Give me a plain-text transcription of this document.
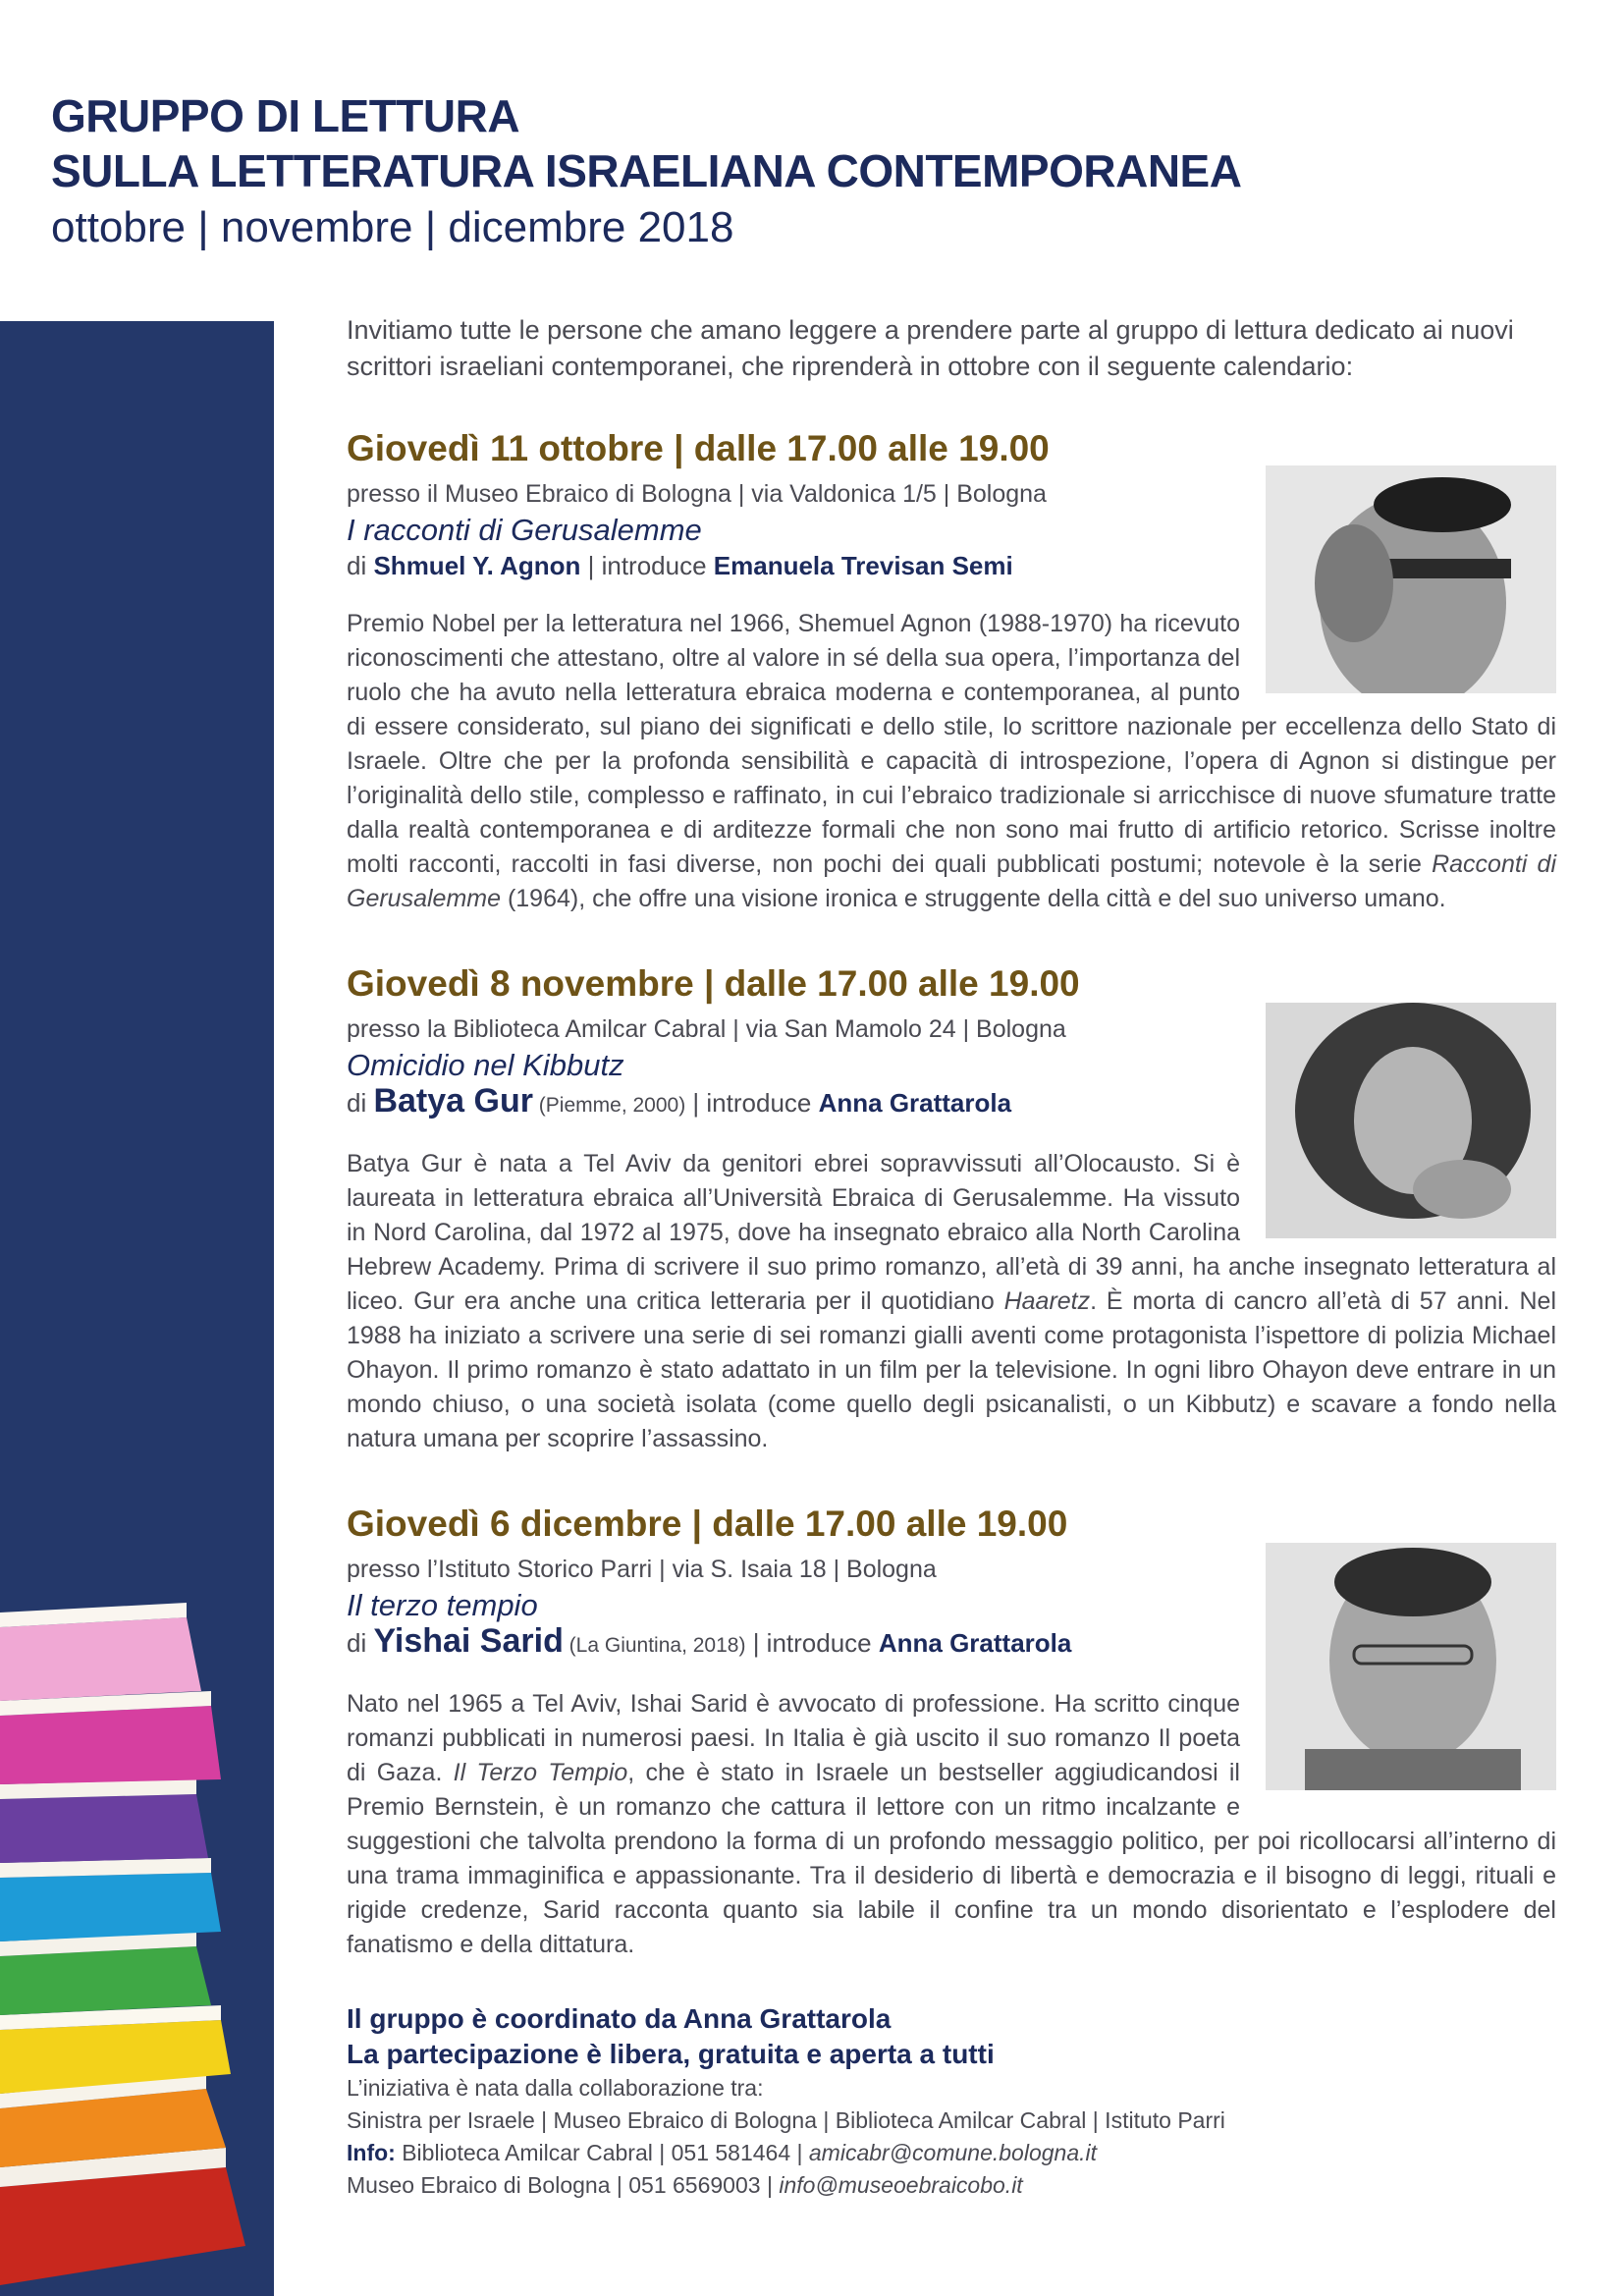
GRUPPO DI LETTURA

SULLA LETTERATURA ISRAELIANA CONTEMPORANEA

ottobre | novembre | dicembre 2018

Invitiamo tutte le persone che amano leggere a prendere parte al gruppo di lettura dedicato ai nuovi scrittori israeliani contemporanei, che riprenderà in ottobre con il seguente calendario:

Giovedì 11 ottobre | dalle 17.00 alle 19.00

presso il Museo Ebraico di Bologna | via Valdonica 1/5 | Bologna

I racconti di Gerusalemme

di Shmuel Y. Agnon | introduce Emanuela Trevisan Semi

Premio Nobel per la letteratura nel 1966, Shemuel Agnon (1988-1970) ha ricevuto riconoscimenti che attestano, oltre al valore in sé della sua opera, l’importanza del ruolo che ha avuto nella letteratura ebraica moderna e contemporanea, al punto di essere considerato, sul piano dei significati e dello stile, lo scrittore nazionale per eccellenza dello Stato di Israele. Oltre che per la profonda sensibilità e capacità di introspezione, l’opera di Agnon si distingue per l’originalità dello stile, complesso e raffinato, in cui l’ebraico tradizionale si arricchisce di nuove sfumature tratte dalla realtà contemporanea e di arditezze formali che non sono mai frutto di artificio retorico. Scrisse inoltre molti racconti, raccolti in fasi diverse, non pochi dei quali pubblicati postumi; notevole è la serie Racconti di Gerusalemme (1964), che offre una visione ironica e struggente della città e del suo universo umano.

Giovedì 8 novembre | dalle 17.00 alle 19.00

presso la Biblioteca Amilcar Cabral | via San Mamolo 24 | Bologna

Omicidio nel Kibbutz

di Batya Gur (Piemme, 2000) | introduce Anna Grattarola

Batya Gur è nata a Tel Aviv da genitori ebrei sopravvissuti all’Olocausto. Si è laureata in letteratura ebraica all’Università Ebraica di Gerusalemme. Ha vissuto in Nord Carolina, dal 1972 al 1975, dove ha insegnato ebraico alla North Carolina Hebrew Academy. Prima di scrivere il suo primo romanzo, all’età di 39 anni, ha anche insegnato letteratura al liceo. Gur era anche una critica letteraria per il quotidiano Haaretz. È morta di cancro all’età di 57 anni. Nel 1988 ha iniziato a scrivere una serie di sei romanzi gialli aventi come protagonista l’ispettore di polizia Michael Ohayon. Il primo romanzo è stato adattato in un film per la televisione. In ogni libro Ohayon deve entrare in un mondo chiuso, o una società isolata (come quello degli psicanalisti, o un Kibbutz) e scavare a fondo nella natura umana per scoprire l’assassino.

Giovedì 6 dicembre | dalle 17.00 alle 19.00

presso l’Istituto Storico Parri | via S. Isaia 18 | Bologna

Il terzo tempio

di Yishai Sarid (La Giuntina, 2018) | introduce Anna Grattarola

Nato nel 1965 a Tel Aviv, Ishai Sarid è avvocato di professione. Ha scritto cinque romanzi pubblicati in numerosi paesi. In Italia è già uscito il suo romanzo Il poeta di Gaza. Il Terzo Tempio, che è stato in Israele un bestseller aggiudicandosi il Premio Bernstein, è un romanzo che cattura il lettore con un ritmo incalzante e suggestioni che talvolta prendono la forma di un profondo messaggio politico, per poi ricollocarsi all’interno di una trama immaginifica e appassionante. Tra il desiderio di libertà e democrazia e il bisogno di leggi, rituali e rigide credenze, Sarid racconta quanto sia labile il confine tra un mondo disorientato e l’esplodere del fanatismo e della dittatura.

Il gruppo è coordinato da Anna Grattarola

La partecipazione è libera, gratuita e aperta a tutti

L’iniziativa è nata dalla collaborazione tra:

Sinistra per Israele | Museo Ebraico di Bologna | Biblioteca Amilcar Cabral | Istituto Parri

Info: Biblioteca Amilcar Cabral | 051 581464 | amicabr@comune.bologna.it

Museo Ebraico di Bologna | 051 6569003 | info@museoebraicobo.it
